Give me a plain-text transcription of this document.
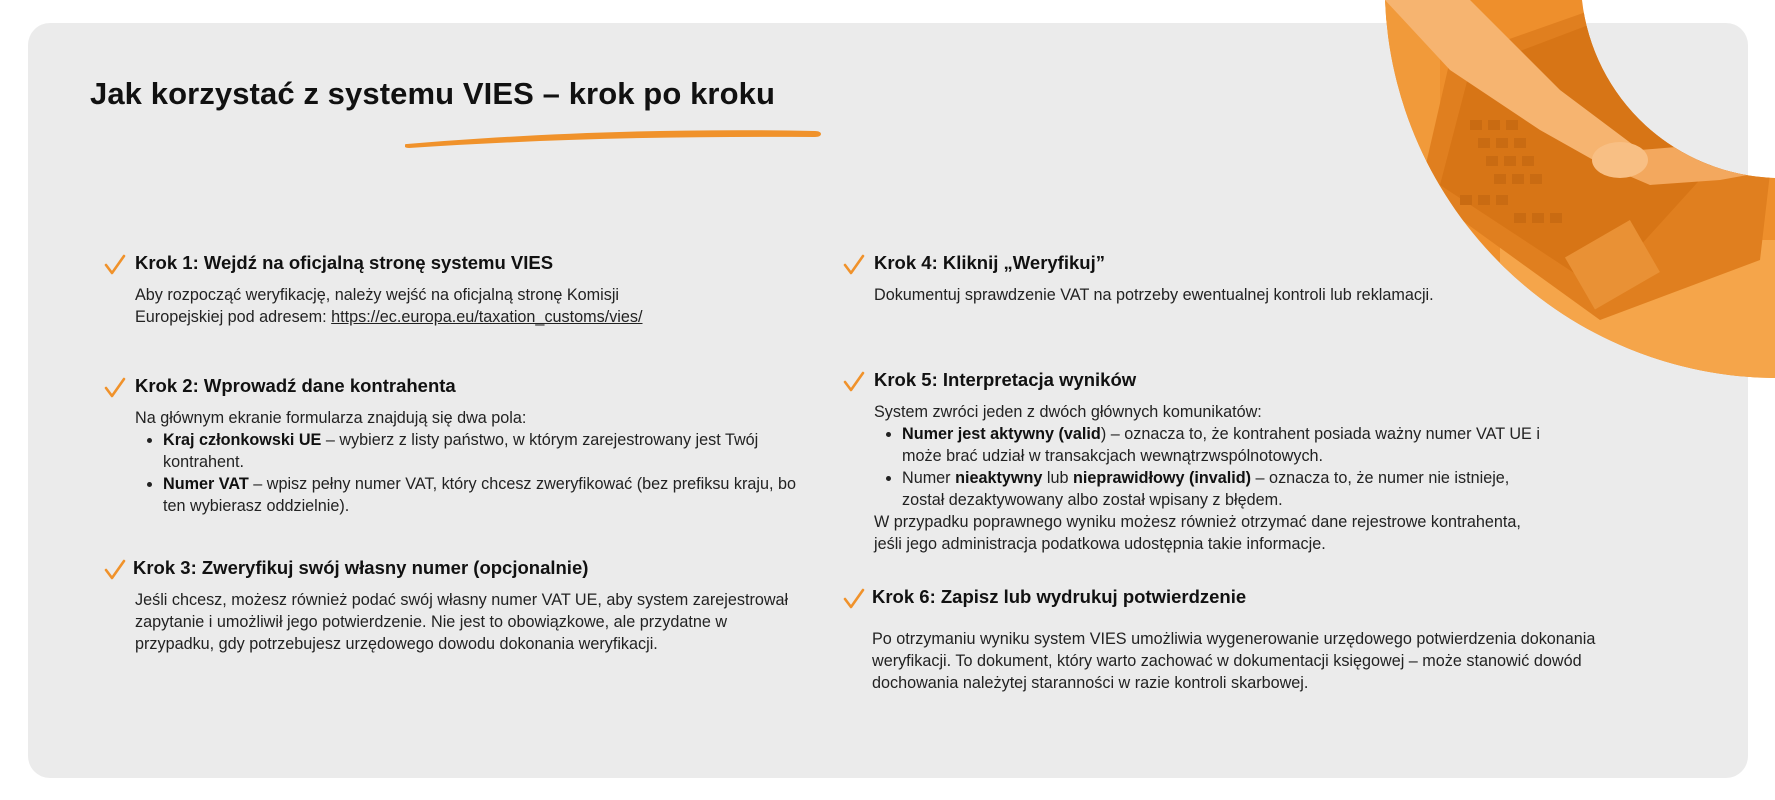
Jak korzystać z systemu VIES – krok po kroku
Krok 1: Wejdź na oficjalną stronę systemu VIES

Aby rozpocząć weryfikację, należy wejść na oficjalną stronę Komisji Europejskiej pod adresem: https://ec.europa.eu/taxation_customs/vies/

Krok 2: Wprowadź dane kontrahenta

Na głównym ekranie formularza znajdują się dwa pola:

• Kraj członkowski UE – wybierz z listy państwo, w którym zarejestrowany jest Twój kontrahent.
• Numer VAT – wpisz pełny numer VAT, który chcesz zweryfikować (bez prefiksu kraju, bo ten wybierasz oddzielnie).
Krok 3: Zweryfikuj swój własny numer (opcjonalnie)

Jeśli chcesz, możesz również podać swój własny numer VAT UE, aby system zarejestrował zapytanie i umożliwił jego potwierdzenie. Nie jest to obowiązkowe, ale przydatne w przypadku, gdy potrzebujesz urzędowego dowodu dokonania weryfikacji.

Krok 4: Kliknij „Weryfikuj”

Dokumentuj sprawdzenie VAT na potrzeby ewentualnej kontroli lub reklamacji.

Krok 5: Interpretacja wyników

System zwróci jeden z dwóch głównych komunikatów:

• Numer jest aktywny (valid) – oznacza to, że kontrahent posiada ważny numer VAT UE i może brać udział w transakcjach wewnątrzwspólnotowych.
• Numer nieaktywny lub nieprawidłowy (invalid) – oznacza to, że numer nie istnieje, został dezaktywowany albo został wpisany z błędem.

W przypadku poprawnego wyniku możesz również otrzymać dane rejestrowe kontrahenta, jeśli jego administracja podatkowa udostępnia takie informacje.

Krok 6: Zapisz lub wydrukuj potwierdzenie

Po otrzymaniu wyniku system VIES umożliwia wygenerowanie urzędowego potwierdzenia dokonania weryfikacji. To dokument, który warto zachować w dokumentacji księgowej – może stanowić dowód dochowania należytej staranności w razie kontroli skarbowej.
